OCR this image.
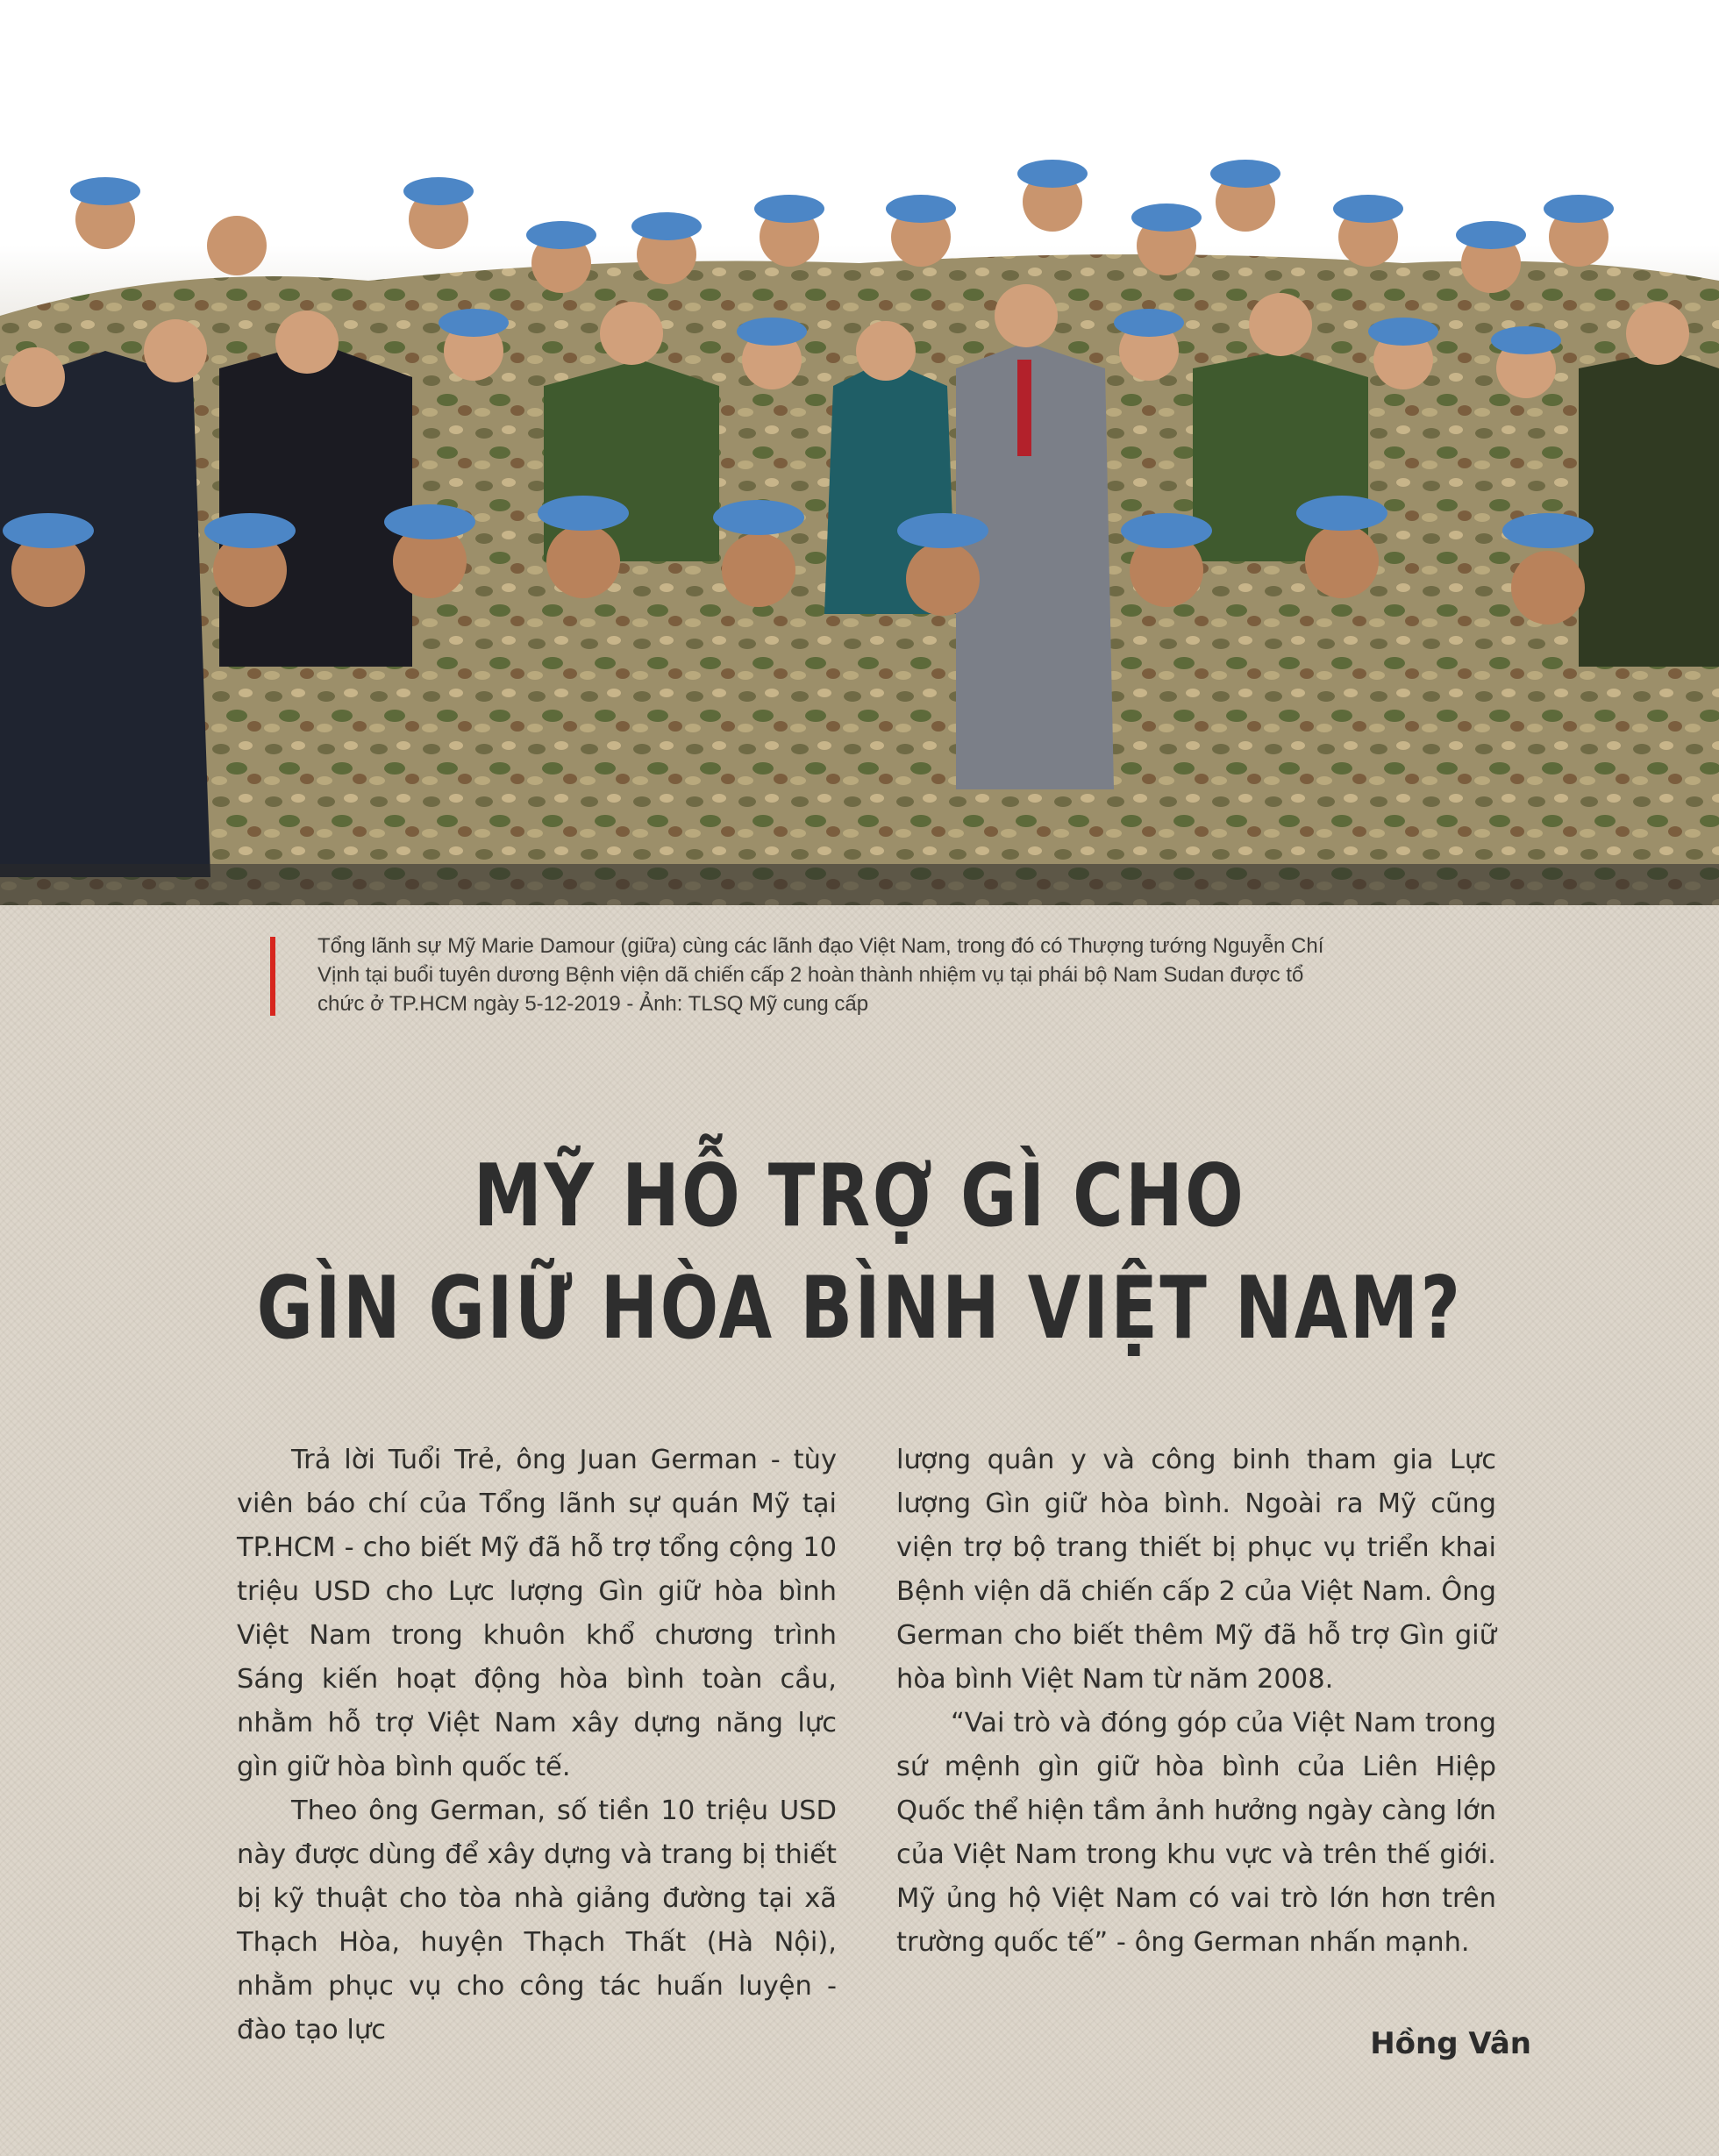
Tổng lãnh sự Mỹ Marie Damour (giữa) cùng các lãnh đạo Việt Nam, trong đó có Thượng tướng Nguyễn Chí Vịnh tại buổi tuyên dương Bệnh viện dã chiến cấp 2 hoàn thành nhiệm vụ tại phái bộ Nam Sudan được tổ chức ở TP.HCM ngày 5-12-2019 - Ảnh: TLSQ Mỹ cung cấp

MỸ HỖ TRỢ GÌ CHO
GÌN GIỮ HÒA BÌNH VIỆT NAM?

Trả lời Tuổi Trẻ, ông Juan German - tùy viên báo chí của Tổng lãnh sự quán Mỹ tại TP.HCM - cho biết Mỹ đã hỗ trợ tổng cộng 10 triệu USD cho Lực lượng Gìn giữ hòa bình Việt Nam trong khuôn khổ chương trình Sáng kiến hoạt động hòa bình toàn cầu, nhằm hỗ trợ Việt Nam xây dựng năng lực gìn giữ hòa bình quốc tế.

Theo ông German, số tiền 10 triệu USD này được dùng để xây dựng và trang bị thiết bị kỹ thuật cho tòa nhà giảng đường tại xã Thạch Hòa, huyện Thạch Thất (Hà Nội), nhằm phục vụ cho công tác huấn luyện - đào tạo lực

lượng quân y và công binh tham gia Lực lượng Gìn giữ hòa bình. Ngoài ra Mỹ cũng viện trợ bộ trang thiết bị phục vụ triển khai Bệnh viện dã chiến cấp 2 của Việt Nam. Ông German cho biết thêm Mỹ đã hỗ trợ Gìn giữ hòa bình Việt Nam từ năm 2008.

“Vai trò và đóng góp của Việt Nam trong sứ mệnh gìn giữ hòa bình của Liên Hiệp Quốc thể hiện tầm ảnh hưởng ngày càng lớn của Việt Nam trong khu vực và trên thế giới. Mỹ ủng hộ Việt Nam có vai trò lớn hơn trên trường quốc tế” - ông German nhấn mạnh.

Hồng Vân
